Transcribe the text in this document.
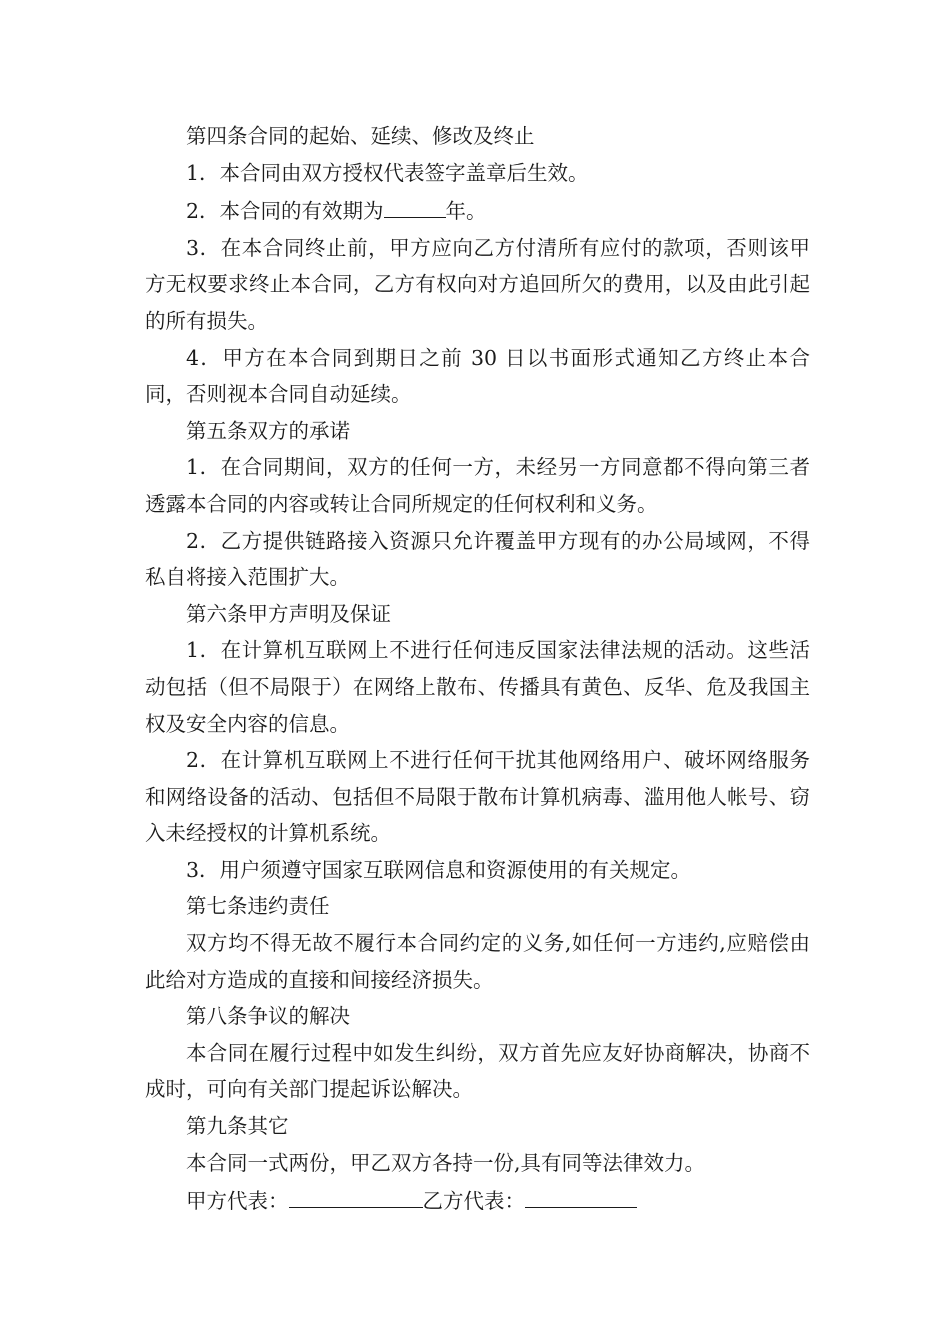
第四条合同的起始、延续、修改及终止

1．本合同由双方授权代表签字盖章后生效。

2．本合同的有效期为	年。

3．在本合同终止前，甲方应向乙方付清所有应付的款项，否则该甲方无权要求终止本合同，乙方有权向对方追回所欠的费用，以及由此引起的所有损失。

4．甲方在本合同到期日之前 30 日以书面形式通知乙方终止本合同，否则视本合同自动延续。

第五条双方的承诺

1．在合同期间，双方的任何一方，未经另一方同意都不得向第三者透露本合同的内容或转让合同所规定的任何权利和义务。

2．乙方提供链路接入资源只允许覆盖甲方现有的办公局域网，不得私自将接入范围扩大。

第六条甲方声明及保证

1．在计算机互联网上不进行任何违反国家法律法规的活动。这些活动包括（但不局限于）在网络上散布、传播具有黄色、反华、危及我国主权及安全内容的信息。

2．在计算机互联网上不进行任何干扰其他网络用户、破坏网络服务和网络设备的活动、包括但不局限于散布计算机病毒、滥用他人帐号、窃入未经授权的计算机系统。

3．用户须遵守国家互联网信息和资源使用的有关规定。

第七条违约责任

双方均不得无故不履行本合同约定的义务,如任何一方违约,应赔偿由此给对方造成的直接和间接经济损失。

第八条争议的解决

本合同在履行过程中如发生纠纷，双方首先应友好协商解决，协商不成时，可向有关部门提起诉讼解决。

第九条其它

本合同一式两份，甲乙双方各持一份,具有同等法律效力。

甲方代表：	乙方代表：
